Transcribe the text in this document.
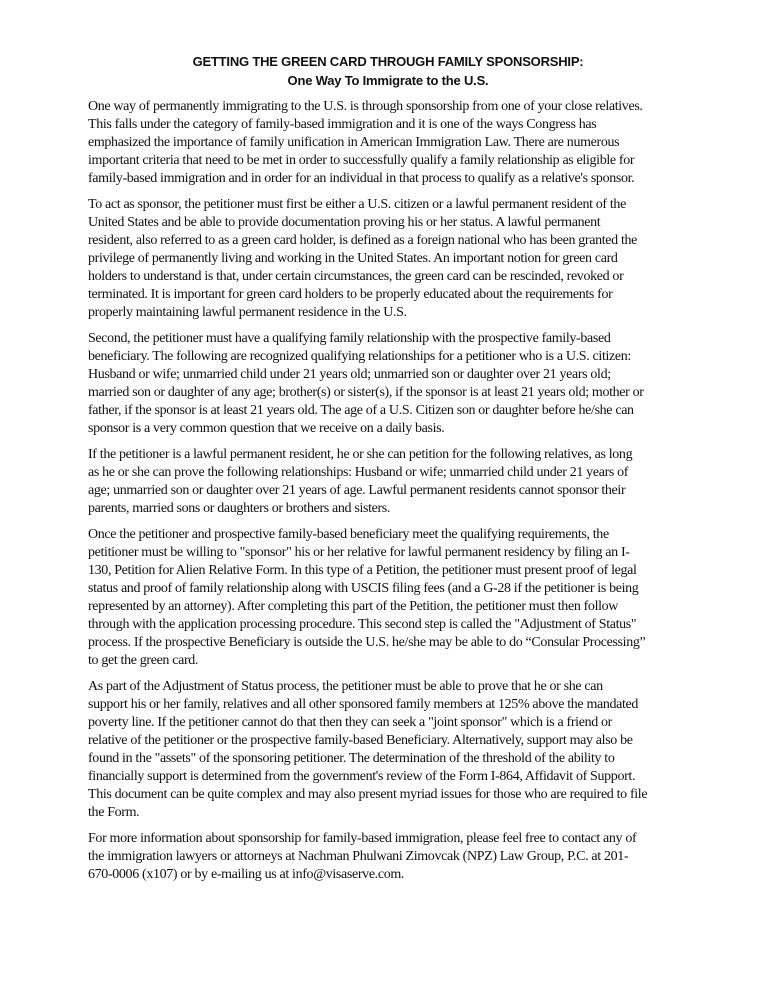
GETTING THE GREEN CARD THROUGH FAMILY SPONSORSHIP:
One Way To Immigrate to the U.S.
One way of permanently immigrating to the U.S. is through sponsorship from one of your close relatives.
This falls under the category of family-based immigration and it is one of the ways Congress has
emphasized the importance of family unification in American Immigration Law. There are numerous
important criteria that need to be met in order to successfully qualify a family relationship as eligible for
family-based immigration and in order for an individual in that process to qualify as a relative's sponsor.
To act as sponsor, the petitioner must first be either a U.S. citizen or a lawful permanent resident of the
United States and be able to provide documentation proving his or her status. A lawful permanent
resident, also referred to as a green card holder, is defined as a foreign national who has been granted the
privilege of permanently living and working in the United States. An important notion for green card
holders to understand is that, under certain circumstances, the green card can be rescinded, revoked or
terminated. It is important for green card holders to be properly educated about the requirements for
properly maintaining lawful permanent residence in the U.S.
Second, the petitioner must have a qualifying family relationship with the prospective family-based
beneficiary. The following are recognized qualifying relationships for a petitioner who is a U.S. citizen:
Husband or wife; unmarried child under 21 years old; unmarried son or daughter over 21 years old;
married son or daughter of any age; brother(s) or sister(s), if the sponsor is at least 21 years old; mother or
father, if the sponsor is at least 21 years old. The age of a U.S. Citizen son or daughter before he/she can
sponsor is a very common question that we receive on a daily basis.
If the petitioner is a lawful permanent resident, he or she can petition for the following relatives, as long
as he or she can prove the following relationships: Husband or wife; unmarried child under 21 years of
age; unmarried son or daughter over 21 years of age. Lawful permanent residents cannot sponsor their
parents, married sons or daughters or brothers and sisters.
Once the petitioner and prospective family-based beneficiary meet the qualifying requirements, the
petitioner must be willing to "sponsor" his or her relative for lawful permanent residency by filing an I-
130, Petition for Alien Relative Form. In this type of a Petition, the petitioner must present proof of legal
status and proof of family relationship along with USCIS filing fees (and a G-28 if the petitioner is being
represented by an attorney). After completing this part of the Petition, the petitioner must then follow
through with the application processing procedure. This second step is called the "Adjustment of Status"
process. If the prospective Beneficiary is outside the U.S. he/she may be able to do “Consular Processing”
to get the green card.
As part of the Adjustment of Status process, the petitioner must be able to prove that he or she can
support his or her family, relatives and all other sponsored family members at 125% above the mandated
poverty line. If the petitioner cannot do that then they can seek a "joint sponsor" which is a friend or
relative of the petitioner or the prospective family-based Beneficiary. Alternatively, support may also be
found in the "assets" of the sponsoring petitioner. The determination of the threshold of the ability to
financially support is determined from the government's review of the Form I-864, Affidavit of Support.
This document can be quite complex and may also present myriad issues for those who are required to file
the Form.
For more information about sponsorship for family-based immigration, please feel free to contact any of
the immigration lawyers or attorneys at Nachman Phulwani Zimovcak (NPZ) Law Group, P.C. at 201-
670-0006 (x107) or by e-mailing us at info@visaserve.com.
